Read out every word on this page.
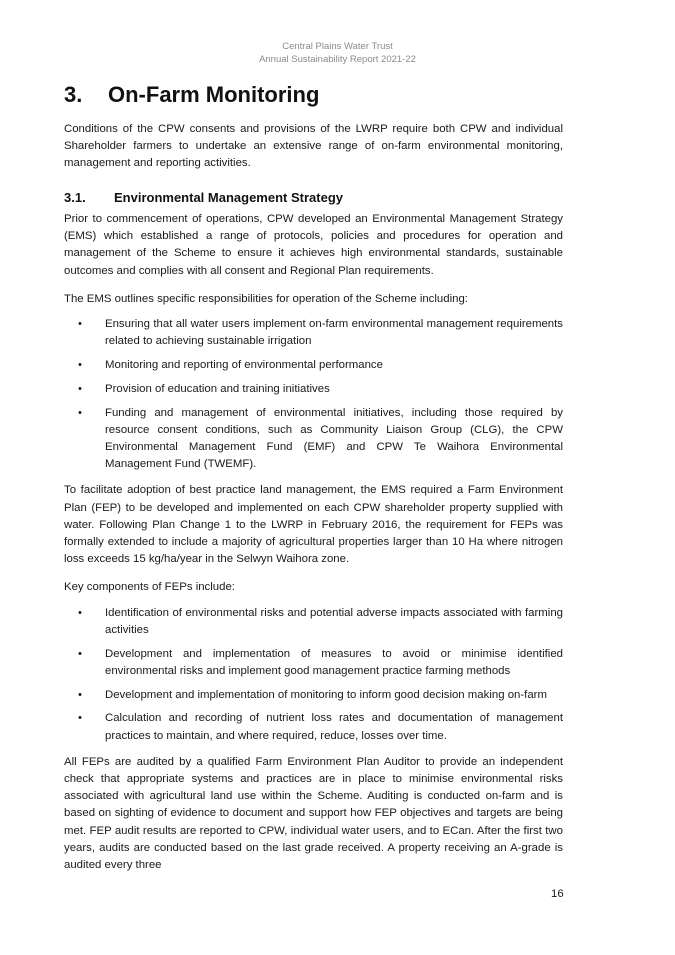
Central Plains Water Trust
Annual Sustainability Report 2021-22
3. On-Farm Monitoring

Conditions of the CPW consents and provisions of the LWRP require both CPW and individual Shareholder farmers to undertake an extensive range of on-farm environmental monitoring, management and reporting activities.

3.1. Environmental Management Strategy

Prior to commencement of operations, CPW developed an Environmental Management Strategy (EMS) which established a range of protocols, policies and procedures for operation and management of the Scheme to ensure it achieves high environmental standards, sustainable outcomes and complies with all consent and Regional Plan requirements.

The EMS outlines specific responsibilities for operation of the Scheme including:

• Ensuring that all water users implement on-farm environmental management requirements related to achieving sustainable irrigation
• Monitoring and reporting of environmental performance
• Provision of education and training initiatives
• Funding and management of environmental initiatives, including those required by resource consent conditions, such as Community Liaison Group (CLG), the CPW Environmental Management Fund (EMF) and CPW Te Waihora Environmental Management Fund (TWEMF).

To facilitate adoption of best practice land management, the EMS required a Farm Environment Plan (FEP) to be developed and implemented on each CPW shareholder property supplied with water. Following Plan Change 1 to the LWRP in February 2016, the requirement for FEPs was formally extended to include a majority of agricultural properties larger than 10 Ha where nitrogen loss exceeds 15 kg/ha/year in the Selwyn Waihora zone.

Key components of FEPs include:

• Identification of environmental risks and potential adverse impacts associated with farming activities
• Development and implementation of measures to avoid or minimise identified environmental risks and implement good management practice farming methods
• Development and implementation of monitoring to inform good decision making on-farm
• Calculation and recording of nutrient loss rates and documentation of management practices to maintain, and where required, reduce, losses over time.

All FEPs are audited by a qualified Farm Environment Plan Auditor to provide an independent check that appropriate systems and practices are in place to minimise environmental risks associated with agricultural land use within the Scheme. Auditing is conducted on-farm and is based on sighting of evidence to document and support how FEP objectives and targets are being met. FEP audit results are reported to CPW, individual water users, and to ECan. After the first two years, audits are conducted based on the last grade received. A property receiving an A-grade is audited every three

16
